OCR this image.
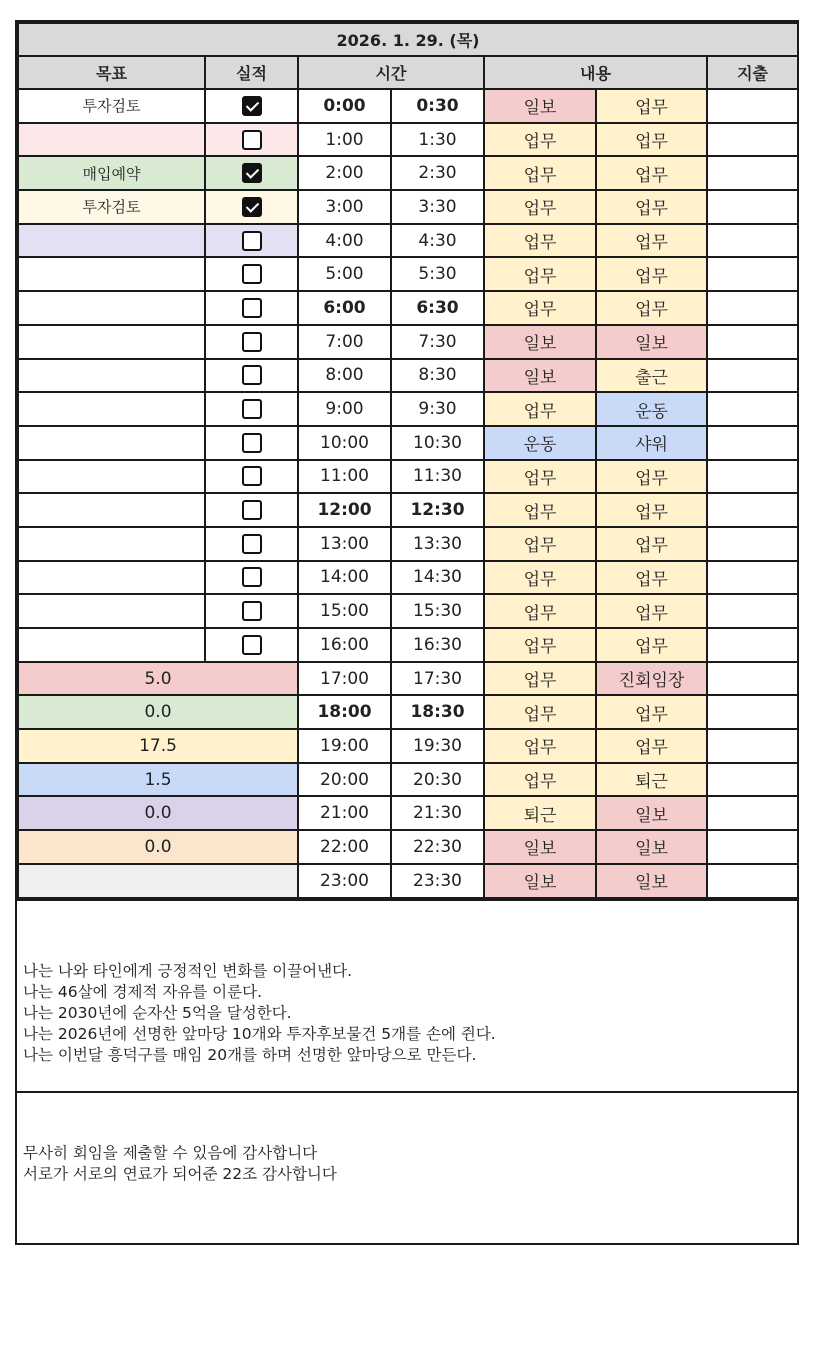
2026. 1. 29. (목)						
목표	실적	시간		내용		지출
투자검토		0:00	0:30	일보	업무	
		1:00	1:30	업무	업무	
매입예약		2:00	2:30	업무	업무	
투자검토		3:00	3:30	업무	업무	
		4:00	4:30	업무	업무	
		5:00	5:30	업무	업무	
		6:00	6:30	업무	업무	
		7:00	7:30	일보	일보	
		8:00	8:30	일보	출근	
		9:00	9:30	업무	운동	
		10:00	10:30	운동	샤워	
		11:00	11:30	업무	업무	
		12:00	12:30	업무	업무	
		13:00	13:30	업무	업무	
		14:00	14:30	업무	업무	
		15:00	15:30	업무	업무	
		16:00	16:30	업무	업무	
5.0		17:00	17:30	업무	진회임장	
0.0		18:00	18:30	업무	업무	
17.5		19:00	19:30	업무	업무	
1.5		20:00	20:30	업무	퇴근	
0.0		21:00	21:30	퇴근	일보	
0.0		22:00	22:30	일보	일보	
		23:00	23:30	일보	일보	
나는 나와 타인에게 긍정적인 변화를 이끌어낸다.
나는 46살에 경제적 자유를 이룬다.
나는 2030년에 순자산 5억을 달성한다.
나는 2026년에 선명한 앞마당 10개와 투자후보물건 5개를 손에 쥔다.
나는 이번달 흥덕구를 매임 20개를 하며 선명한 앞마당으로 만든다.
무사히 회임을 제출할 수 있음에 감사합니다
서로가 서로의 연료가 되어준 22조 감사합니다
